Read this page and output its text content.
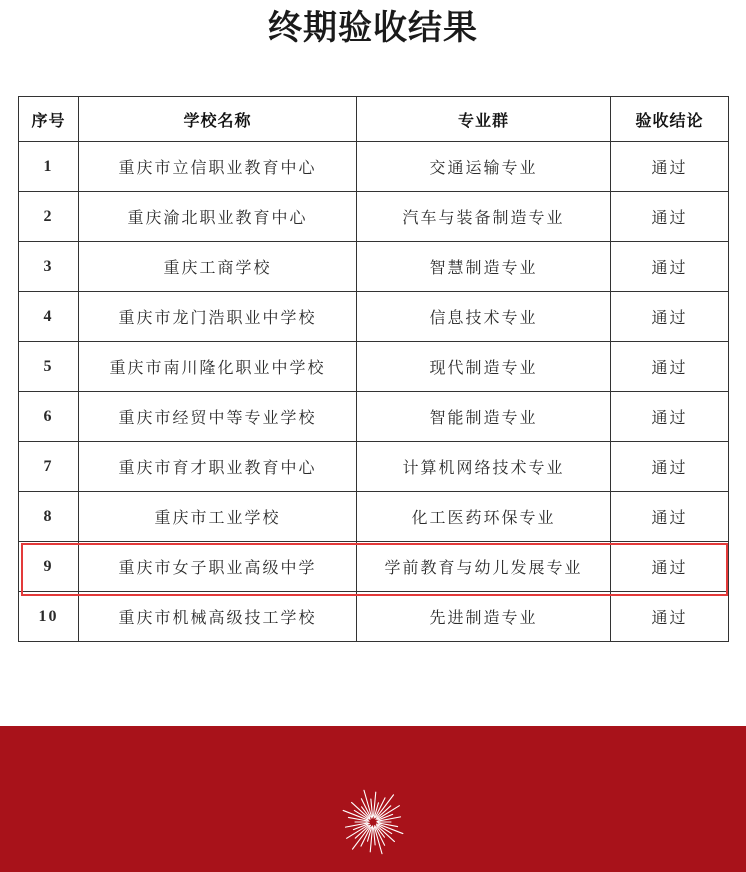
终期验收结果
序号	学校名称	专业群	验收结论
1	重庆市立信职业教育中心	交通运输专业	通过
2	重庆渝北职业教育中心	汽车与装备制造专业	通过
3	重庆工商学校	智慧制造专业	通过
4	重庆市龙门浩职业中学校	信息技术专业	通过
5	重庆市南川隆化职业中学校	现代制造专业	通过
6	重庆市经贸中等专业学校	智能制造专业	通过
7	重庆市育才职业教育中心	计算机网络技术专业	通过
8	重庆市工业学校	化工医药环保专业	通过
9	重庆市女子职业高级中学	学前教育与幼儿发展专业	通过
10	重庆市机械高级技工学校	先进制造专业	通过
